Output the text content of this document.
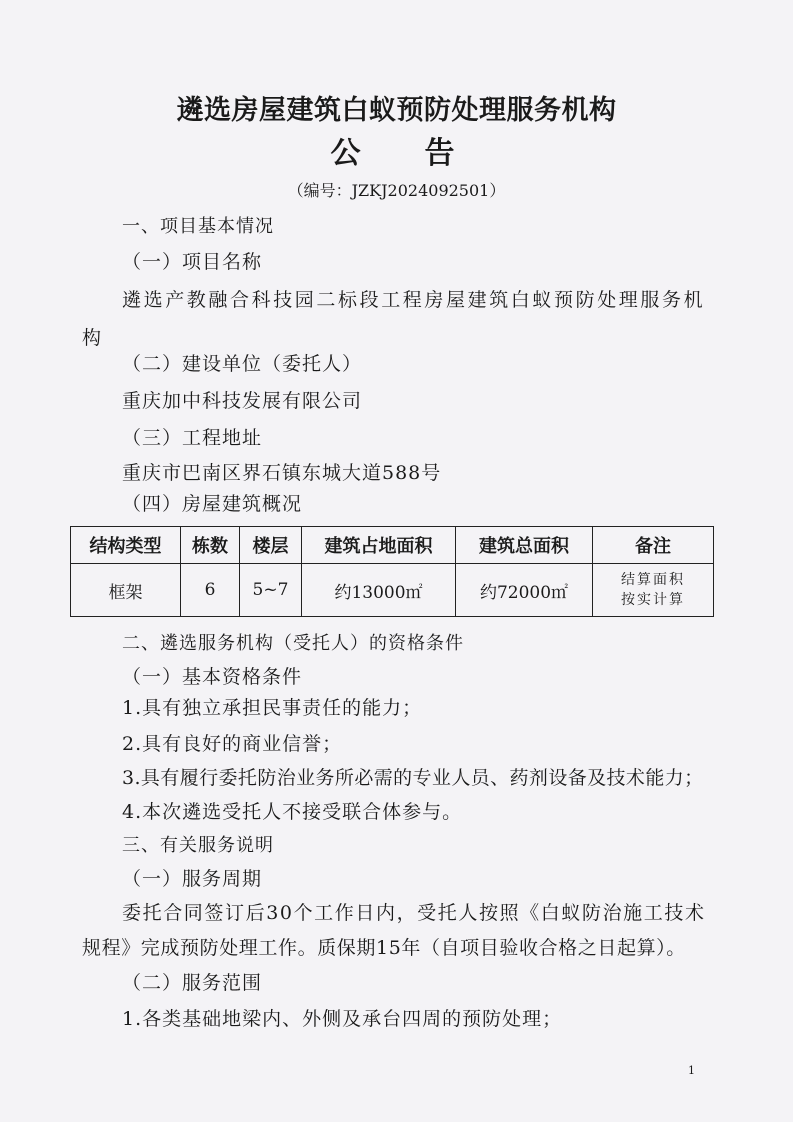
遴选房屋建筑白蚁预防处理服务机构
公告
（编号：JZKJ2024092501）
一、项目基本情况
（一）项目名称
遴选产教融合科技园二标段工程房屋建筑白蚁预防处理服务机
构
（二）建设单位（委托人）
重庆加中科技发展有限公司
（三）工程地址
重庆市巴南区界石镇东城大道588号
（四）房屋建筑概况
结构类型	栋数	楼层	建筑占地面积	建筑总面积	备注
框架	6	5~7	约13000㎡	约72000㎡	结算面积
按实计算
二、遴选服务机构（受托人）的资格条件
（一）基本资格条件
1.具有独立承担民事责任的能力；
2.具有良好的商业信誉；
3.具有履行委托防治业务所必需的专业人员、药剂设备及技术能力；
4.本次遴选受托人不接受联合体参与。
三、有关服务说明
（一）服务周期
委托合同签订后30个工作日内，受托人按照《白蚁防治施工技术
规程》完成预防处理工作。质保期15年（自项目验收合格之日起算）。
（二）服务范围
1.各类基础地梁内、外侧及承台四周的预防处理；
1
